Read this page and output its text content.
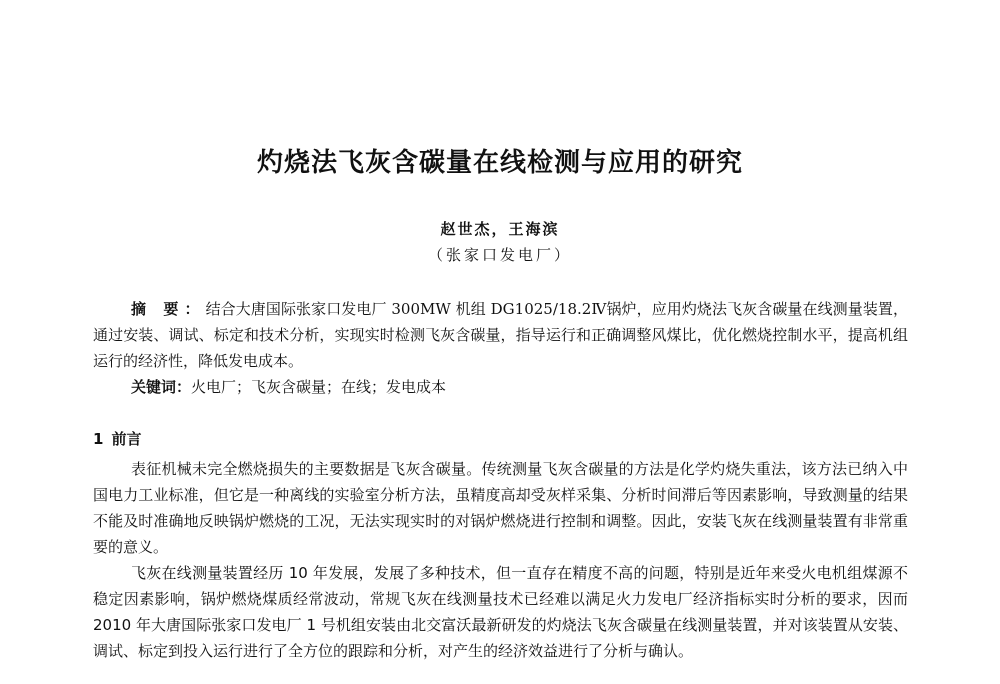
灼烧法飞灰含碳量在线检测与应用的研究
赵世杰，王海滨
（张家口发电厂）

摘 要：结合大唐国际张家口发电厂 300MW 机组 DG1025/18.2Ⅳ锅炉，应用灼烧法飞灰含碳量在线测量装置，通过安装、调试、标定和技术分析，实现实时检测飞灰含碳量，指导运行和正确调整风煤比，优化燃烧控制水平，提高机组运行的经济性，降低发电成本。

关键词：火电厂；飞灰含碳量；在线；发电成本

1 前言

表征机械未完全燃烧损失的主要数据是飞灰含碳量。传统测量飞灰含碳量的方法是化学灼烧失重法，该方法已纳入中国电力工业标准，但它是一种离线的实验室分析方法，虽精度高却受灰样采集、分析时间滞后等因素影响，导致测量的结果不能及时准确地反映锅炉燃烧的工况，无法实现实时的对锅炉燃烧进行控制和调整。因此，安装飞灰在线测量装置有非常重要的意义。

飞灰在线测量装置经历 10 年发展，发展了多种技术，但一直存在精度不高的问题，特别是近年来受火电机组煤源不稳定因素影响，锅炉燃烧煤质经常波动，常规飞灰在线测量技术已经难以满足火力发电厂经济指标实时分析的要求，因而 2010 年大唐国际张家口发电厂 1 号机组安装由北交富沃最新研发的灼烧法飞灰含碳量在线测量装置，并对该装置从安装、调试、标定到投入运行进行了全方位的跟踪和分析，对产生的经济效益进行了分析与确认。
